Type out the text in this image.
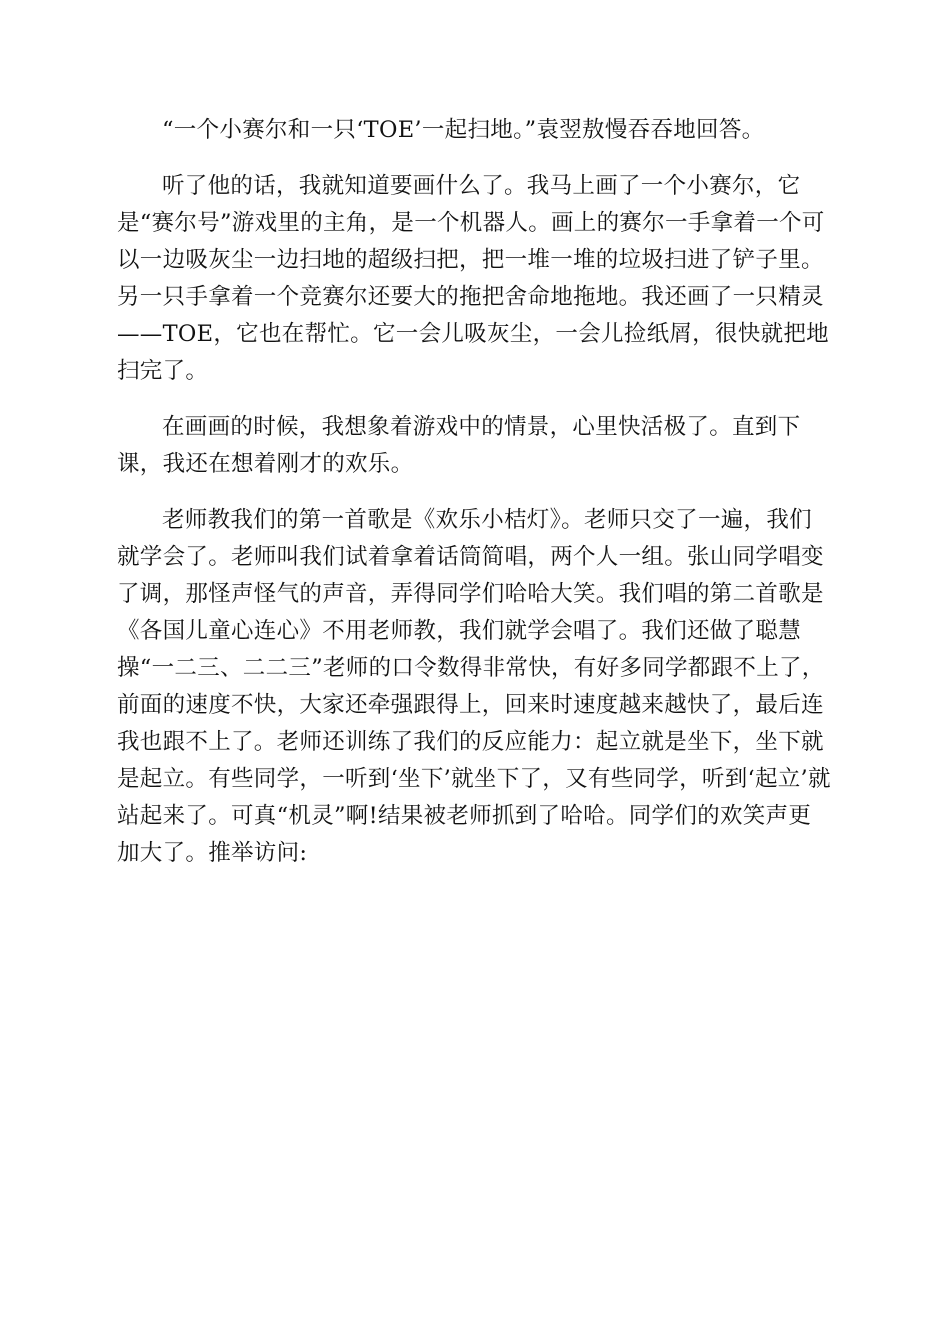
“一个小赛尔和一只‘TOE’一起扫地。”袁翌敖慢吞吞地回答。

听了他的话，我就知道要画什么了。我马上画了一个小赛尔，它是“赛尔号”游戏里的主角，是一个机器人。画上的赛尔一手拿着一个可以一边吸灰尘一边扫地的超级扫把，把一堆一堆的垃圾扫进了铲子里。另一只手拿着一个竞赛尔还要大的拖把舍命地拖地。我还画了一只精灵——TOE，它也在帮忙。它一会儿吸灰尘，一会儿捡纸屑，很快就把地扫完了。

在画画的时候，我想象着游戏中的情景，心里快活极了。直到下课，我还在想着刚才的欢乐。

老师教我们的第一首歌是《欢乐小桔灯》。老师只交了一遍，我们就学会了。老师叫我们试着拿着话筒简唱，两个人一组。张山同学唱变了调，那怪声怪气的声音，弄得同学们哈哈大笑。我们唱的第二首歌是《各国儿童心连心》不用老师教，我们就学会唱了。我们还做了聪慧操“一二三、二二三”老师的口令数得非常快，有好多同学都跟不上了，前面的速度不快，大家还牵强跟得上，回来时速度越来越快了，最后连我也跟不上了。老师还训练了我们的反应能力：起立就是坐下，坐下就是起立。有些同学，一听到‘坐下’就坐下了，又有些同学，听到‘起立’就站起来了。可真“机灵”啊!结果被老师抓到了哈哈。同学们的欢笑声更加大了。推举访问:
